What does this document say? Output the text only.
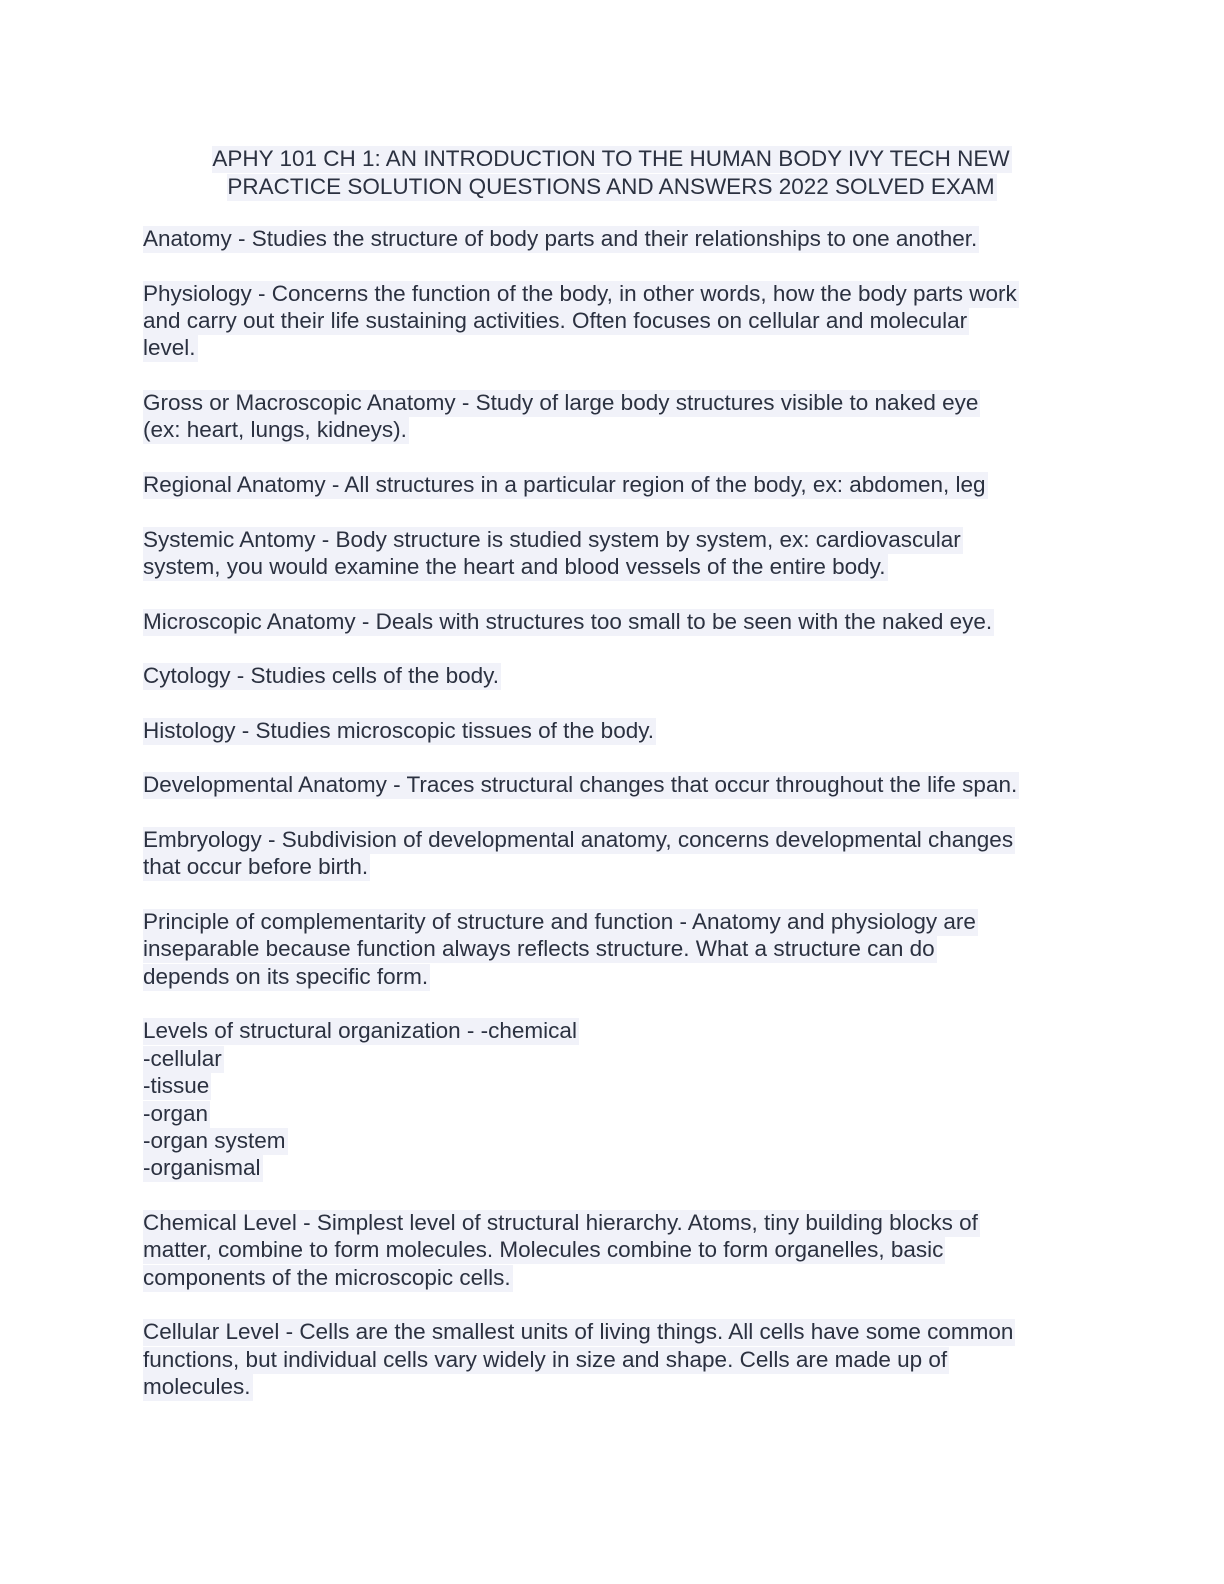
APHY 101 CH 1: AN INTRODUCTION TO THE HUMAN BODY IVY TECH NEW
PRACTICE SOLUTION QUESTIONS AND ANSWERS 2022 SOLVED EXAM
Anatomy - Studies the structure of body parts and their relationships to one another.
Physiology - Concerns the function of the body, in other words, how the body parts work
and carry out their life sustaining activities. Often focuses on cellular and molecular
level.
Gross or Macroscopic Anatomy - Study of large body structures visible to naked eye
(ex: heart, lungs, kidneys).
Regional Anatomy - All structures in a particular region of the body, ex: abdomen, leg
Systemic Antomy - Body structure is studied system by system, ex: cardiovascular
system, you would examine the heart and blood vessels of the entire body.
Microscopic Anatomy - Deals with structures too small to be seen with the naked eye.
Cytology - Studies cells of the body.
Histology - Studies microscopic tissues of the body.
Developmental Anatomy - Traces structural changes that occur throughout the life span.
Embryology - Subdivision of developmental anatomy, concerns developmental changes
that occur before birth.
Principle of complementarity of structure and function - Anatomy and physiology are
inseparable because function always reflects structure. What a structure can do
depends on its specific form.
Levels of structural organization - -chemical
-cellular
-tissue
-organ
-organ system
-organismal
Chemical Level - Simplest level of structural hierarchy. Atoms, tiny building blocks of
matter, combine to form molecules. Molecules combine to form organelles, basic
components of the microscopic cells.
Cellular Level - Cells are the smallest units of living things. All cells have some common
functions, but individual cells vary widely in size and shape. Cells are made up of
molecules.
